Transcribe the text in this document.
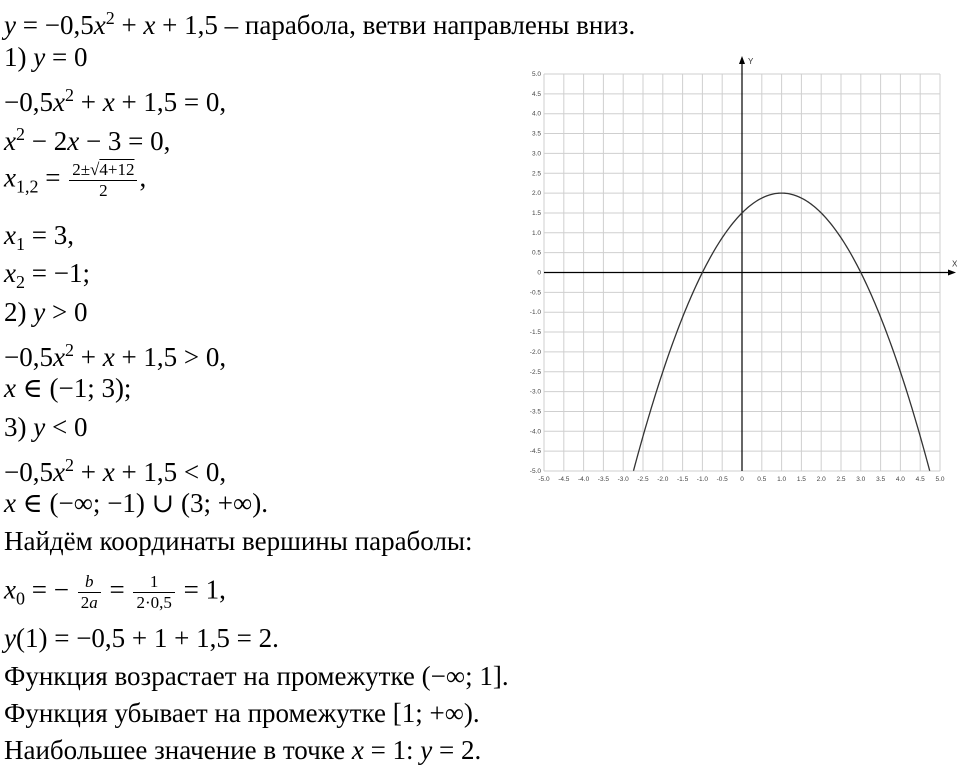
$y = -0,5x^2 + x + 1,5$ – парабола, ветви направлены вниз.
1) y = 0
$-0,5x^2 + x + 1,5 = 0$,
$x^2 - 2x - 3 = 0$,
$x_{1,2} = \frac{2\pm√4+12}{2}$ ,
$x_1 = 3$,
$x_2 = -1$;
2) y > 0
$-0,5x^2 + x + 1,5 > 0$,
x ∈ (−1; 3);
3) y < 0
$-0,5x^2 + x + 1,5 < 0$,
x ∈ (−∞; −1) ∪ (3; +∞).
Найдём координаты вершины параболы:
$x_0$ = − $\frac{b}{2a} = \frac{1}{2\cdot 0,5} = 1$,
y(1) = −0,5 + 1 + 1,5 = 2.
Функция возрастает на промежутке (−∞; 1].
Функция убывает на промежутке [1; +∞).
Наибольшее значение в точке x = 1: y = 2.
X
Y
-5.0 -4.5 -4.0 -3.5 -3.0 -2.5 -2.0 -1.5 -1.0 -0.5 0 0.5 1.0 1.5 2.0 2.5 3.0 3.5 4.0 4.5 5.0
5.0
4.5
4.0
3.5
3.0
2.5
2.0
1.5
1.0
0.5
0
-0.5
-1.0
-1.5
-2.0
-2.5
-3.0
-3.5
-4.0
-4.5
-5.0
